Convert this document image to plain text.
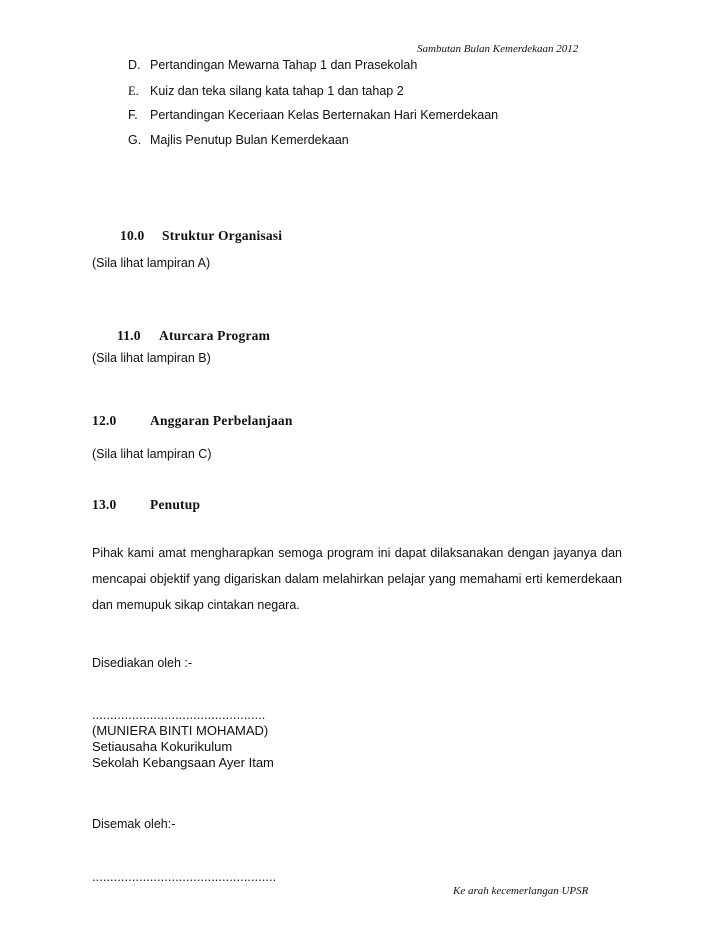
Sambutan Bulan Kemerdekaan 2012
D. Pertandingan Mewarna Tahap 1 dan Prasekolah
E. Kuiz dan teka silang kata tahap 1 dan tahap 2
F. Pertandingan Keceriaan Kelas Berternakan Hari Kemerdekaan
G. Majlis Penutup Bulan Kemerdekaan
10.0 Struktur Organisasi
(Sila lihat lampiran A)
11.0 Aturcara Program
(Sila lihat lampiran B)
12.0 Anggaran Perbelanjaan
(Sila lihat lampiran C)
13.0 Penutup
Pihak kami amat mengharapkan semoga program ini dapat dilaksanakan dengan jayanya dan mencapai objektif yang digariskan dalam melahirkan pelajar yang memahami erti kemerdekaan dan memupuk sikap cintakan negara.
Disediakan oleh :-
................................................
(MUNIERA BINTI MOHAMAD)
Setiausaha Kokurikulum
Sekolah Kebangsaan Ayer Itam
Disemak oleh:-
...................................................
Ke arah kecemerlangan UPSR
